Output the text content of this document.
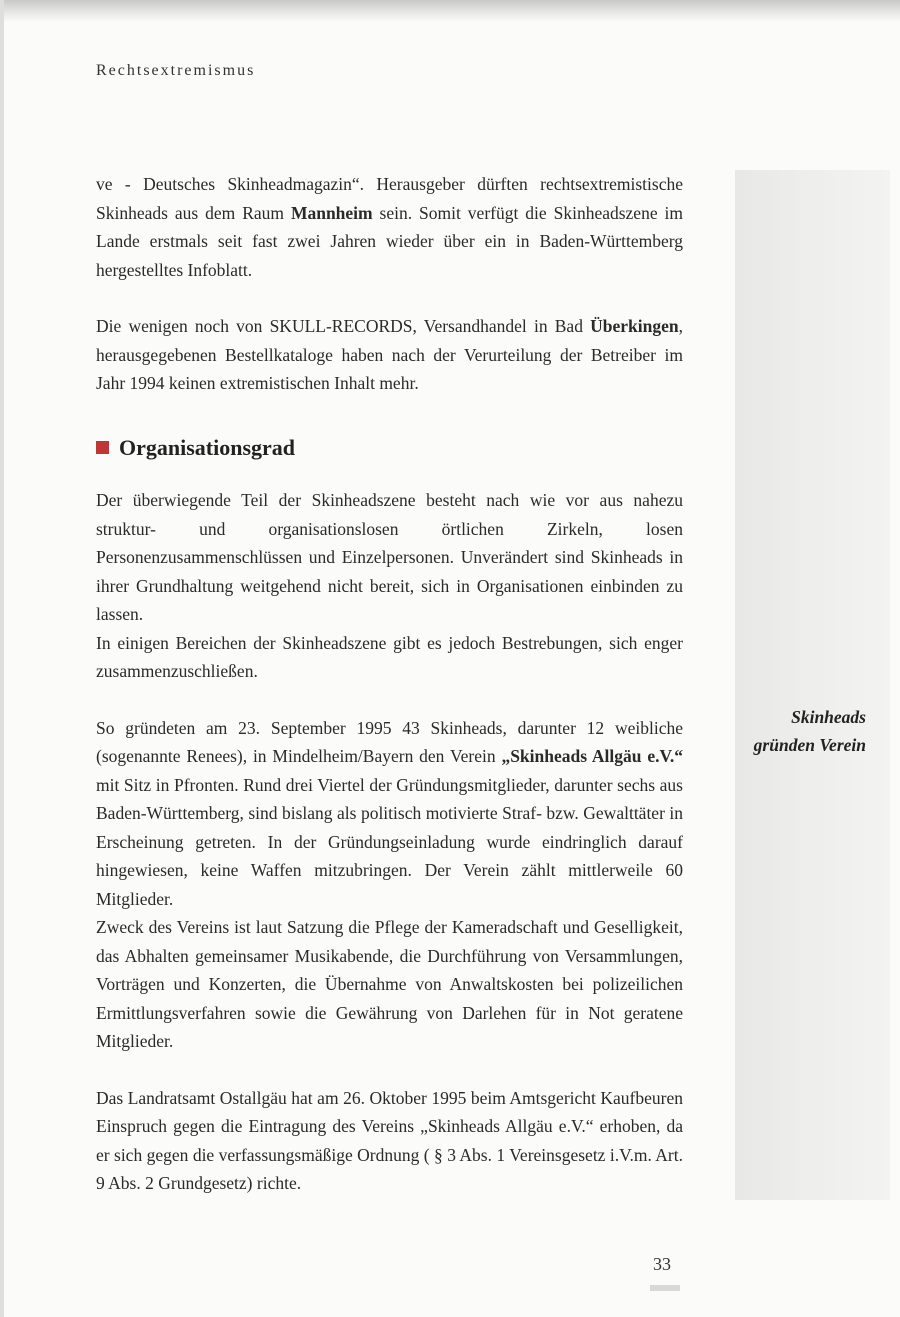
Rechtsextremismus

ve - Deutsches Skinheadmagazin“. Herausgeber dürften rechtsextremistische Skinheads aus dem Raum Mannheim sein. Somit verfügt die Skinheadszene im Lande erstmals seit fast zwei Jahren wieder über ein in Baden-Württemberg hergestelltes Infoblatt.

Die wenigen noch von SKULL-RECORDS, Versandhandel in Bad Überkingen, herausgegebenen Bestellkataloge haben nach der Verurteilung der Betreiber im Jahr 1994 keinen extremistischen Inhalt mehr.

Organisationsgrad

Der überwiegende Teil der Skinheadszene besteht nach wie vor aus nahezu struktur- und organisationslosen örtlichen Zirkeln, losen Personenzusammenschlüssen und Einzelpersonen. Unverändert sind Skinheads in ihrer Grundhaltung weitgehend nicht bereit, sich in Organisationen einbinden zu lassen.

In einigen Bereichen der Skinheadszene gibt es jedoch Bestrebungen, sich enger zusammenzuschließen.

So gründeten am 23. September 1995 43 Skinheads, darunter 12 weibliche (sogenannte Renees), in Mindelheim/Bayern den Verein „Skinheads Allgäu e.V.“ mit Sitz in Pfronten. Rund drei Viertel der Gründungsmitglieder, darunter sechs aus Baden-Württemberg, sind bislang als politisch motivierte Straf- bzw. Gewalttäter in Erscheinung getreten. In der Gründungseinladung wurde eindringlich darauf hingewiesen, keine Waffen mitzubringen. Der Verein zählt mittlerweile 60 Mitglieder.

Zweck des Vereins ist laut Satzung die Pflege der Kameradschaft und Geselligkeit, das Abhalten gemeinsamer Musikabende, die Durchführung von Versammlungen, Vorträgen und Konzerten, die Übernahme von Anwaltskosten bei polizeilichen Ermittlungsverfahren sowie die Gewährung von Darlehen für in Not geratene Mitglieder.

Das Landratsamt Ostallgäu hat am 26. Oktober 1995 beim Amtsgericht Kaufbeuren Einspruch gegen die Eintragung des Vereins „Skinheads Allgäu e.V.“ erhoben, da er sich gegen die verfassungsmäßige Ordnung ( § 3 Abs. 1 Vereinsgesetz i.V.m. Art. 9 Abs. 2 Grundgesetz) richte.

Skinheads gründen Verein
33
